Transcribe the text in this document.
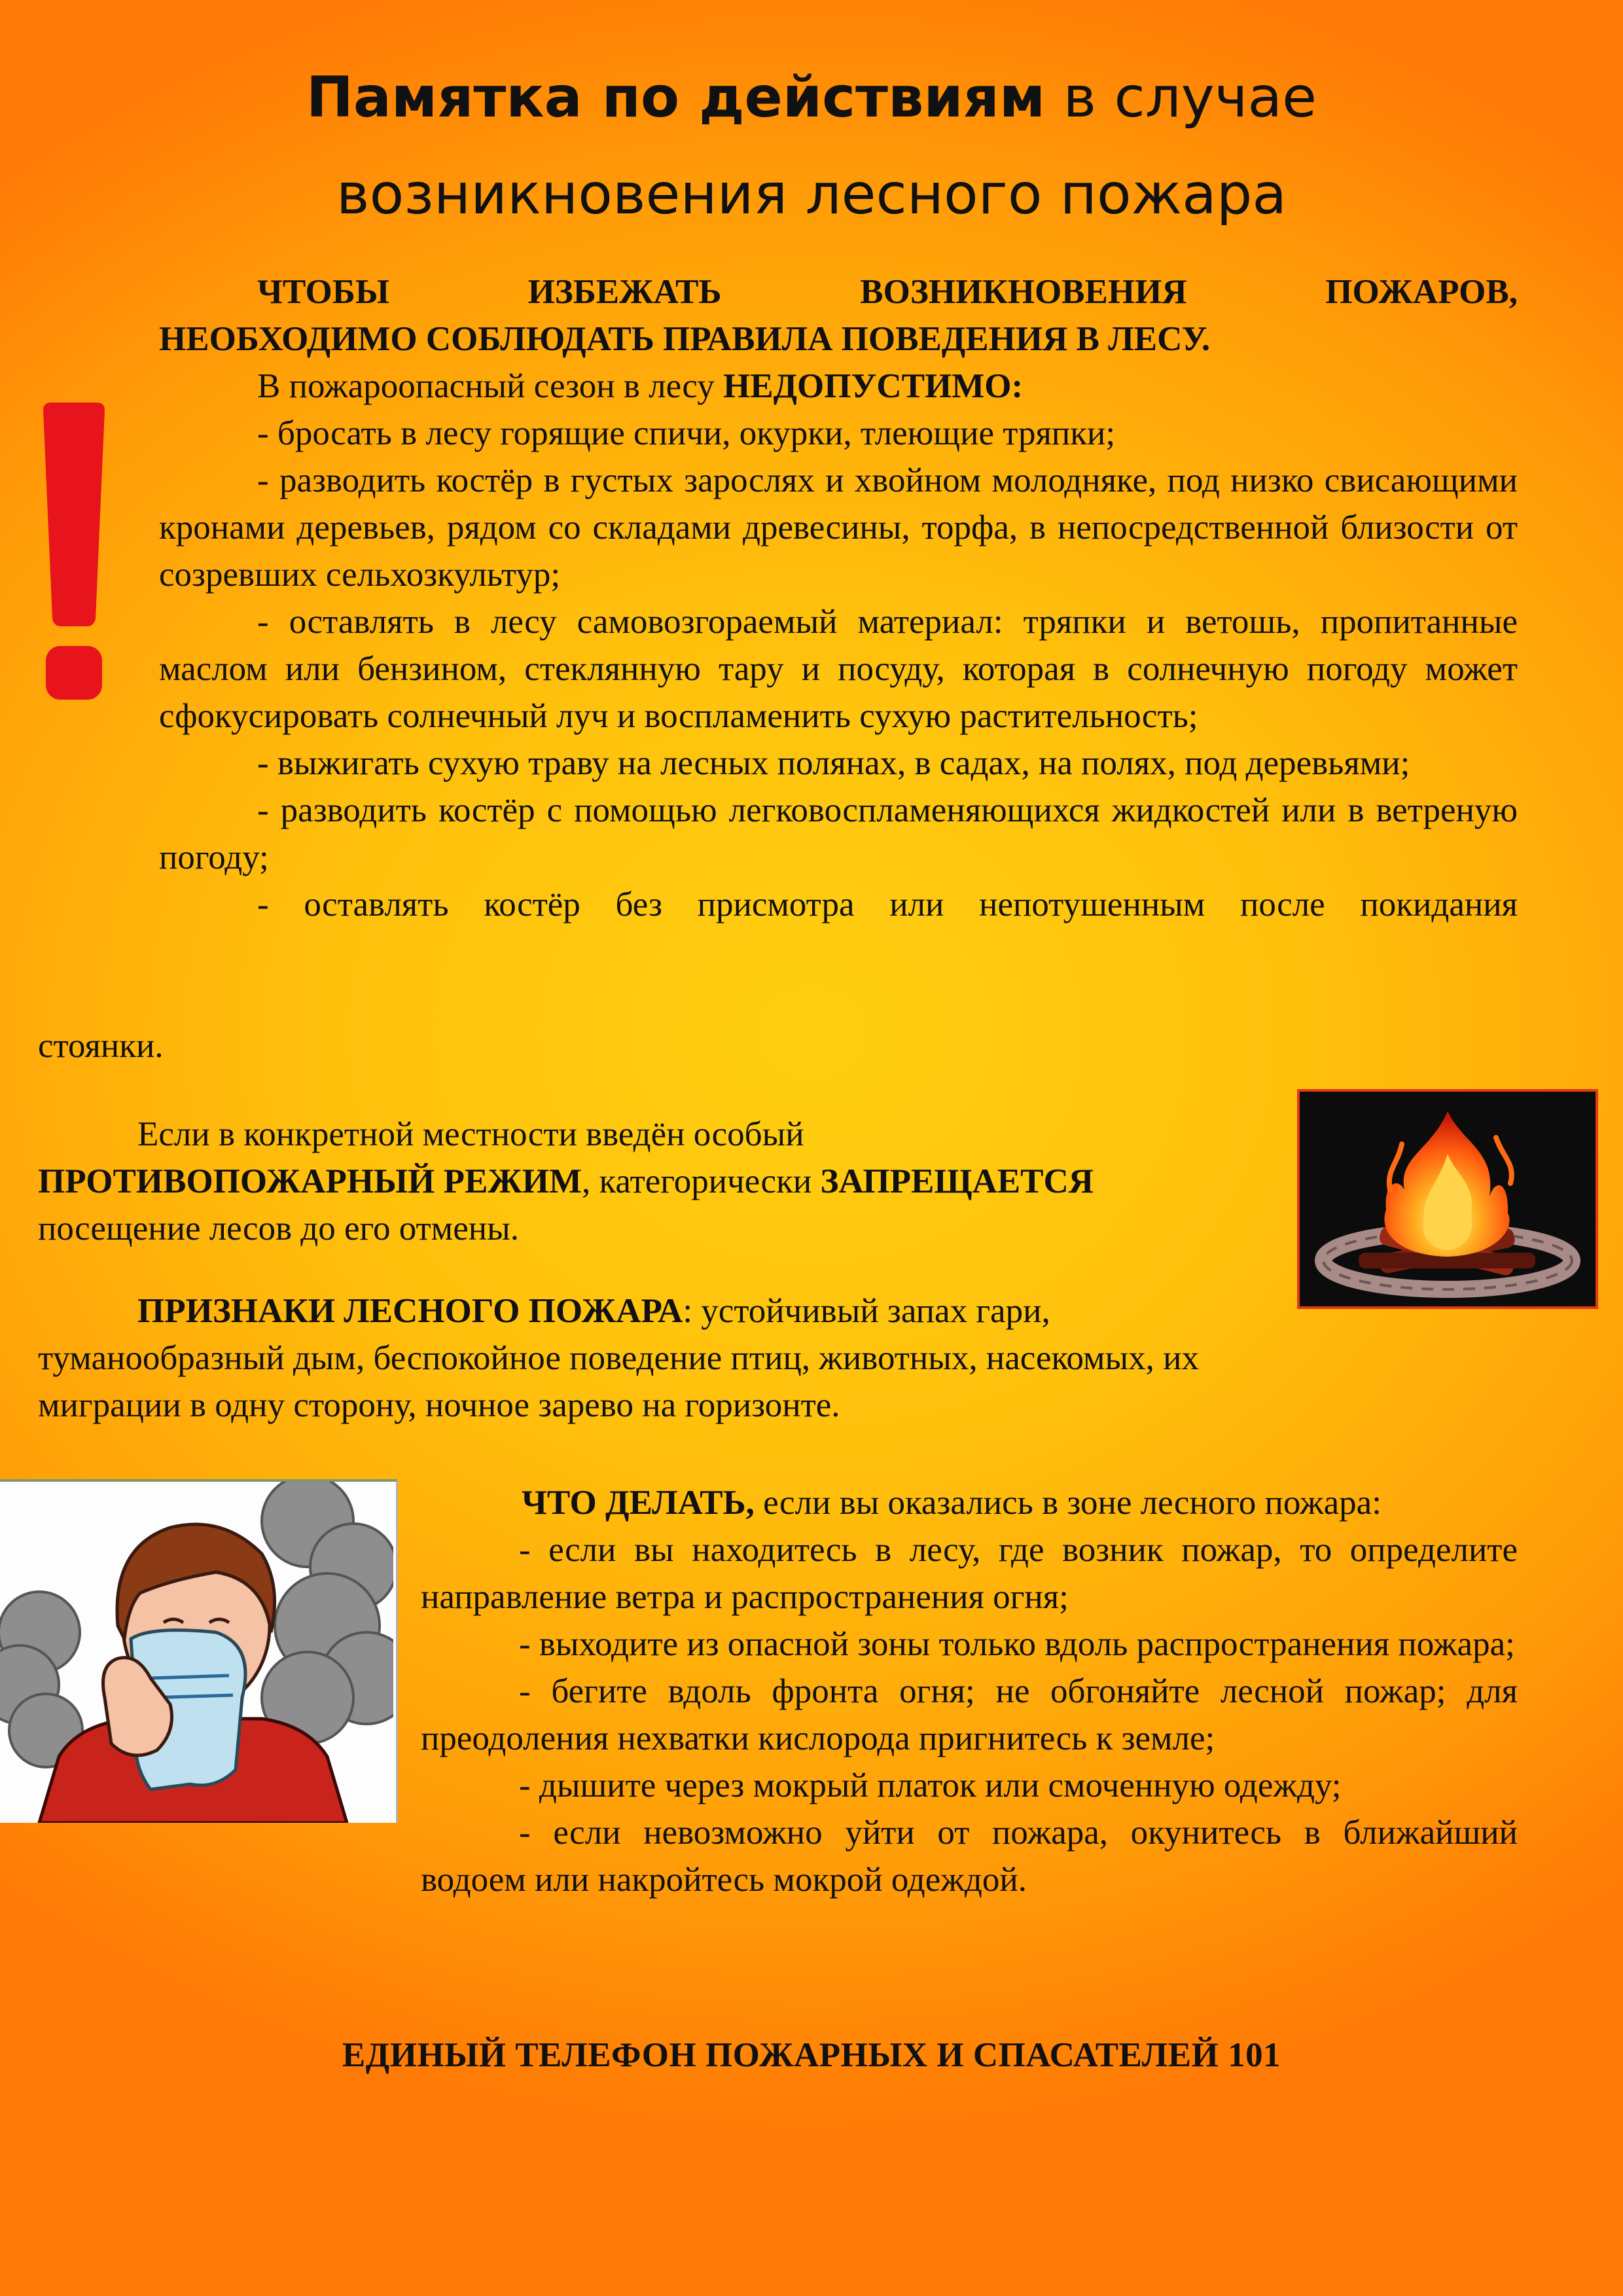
Памятка по действиям в случае
возникновения лесного пожара
ЧТОБЫ	ИЗБЕЖАТЬ	ВОЗНИКНОВЕНИЯ	ПОЖАРОВ,
НЕОБХОДИМО СОБЛЮДАТЬ ПРАВИЛА ПОВЕДЕНИЯ В ЛЕСУ.

В пожароопасный сезон в лесу НЕДОПУСТИМО:

- бросать в лесу горящие спичи, окурки, тлеющие тряпки;

- разводить костёр в густых зарослях и хвойном молодняке, под низко свисающими кронами деревьев, рядом со складами древесины, торфа, в непосредственной близости от созревших сельхозкультур;

- оставлять в лесу самовозгораемый материал: тряпки и ветошь, пропитанные маслом или бензином, стеклянную тару и посуду, которая в солнечную погоду может сфокусировать солнечный луч и воспламенить сухую растительность;

- выжигать сухую траву на лесных полянах, в садах, на полях, под деревьями;

- разводить костёр с помощью легковоспламеняющихся жидкостей или в ветреную погоду;

- оставлять костёр без присмотра или непотушенным после покидания

стоянки.

Если в конкретной местности введён особый

ПРОТИВОПОЖАРНЫЙ РЕЖИМ, категорически ЗАПРЕЩАЕТСЯ

посещение лесов до его отмены.

ПРИЗНАКИ ЛЕСНОГО ПОЖАРА: устойчивый запах гари,

туманообразный дым, беспокойное поведение птиц, животных, насекомых, их

миграции в одну сторону, ночное зарево на горизонте.

ЧТО ДЕЛАТЬ, если вы оказались в зоне лесного пожара:

- если вы находитесь в лесу, где возник пожар, то определите направление ветра и распространения огня;

- выходите из опасной зоны только вдоль распространения пожара;

- бегите вдоль фронта огня; не обгоняйте лесной пожар; для преодоления нехватки кислорода пригнитесь к земле;

- дышите через мокрый платок или смоченную одежду;

- если невозможно уйти от пожара, окунитесь в ближайший водоем или накройтесь мокрой одеждой.

ЕДИНЫЙ ТЕЛЕФОН ПОЖАРНЫХ И СПАСАТЕЛЕЙ 101
